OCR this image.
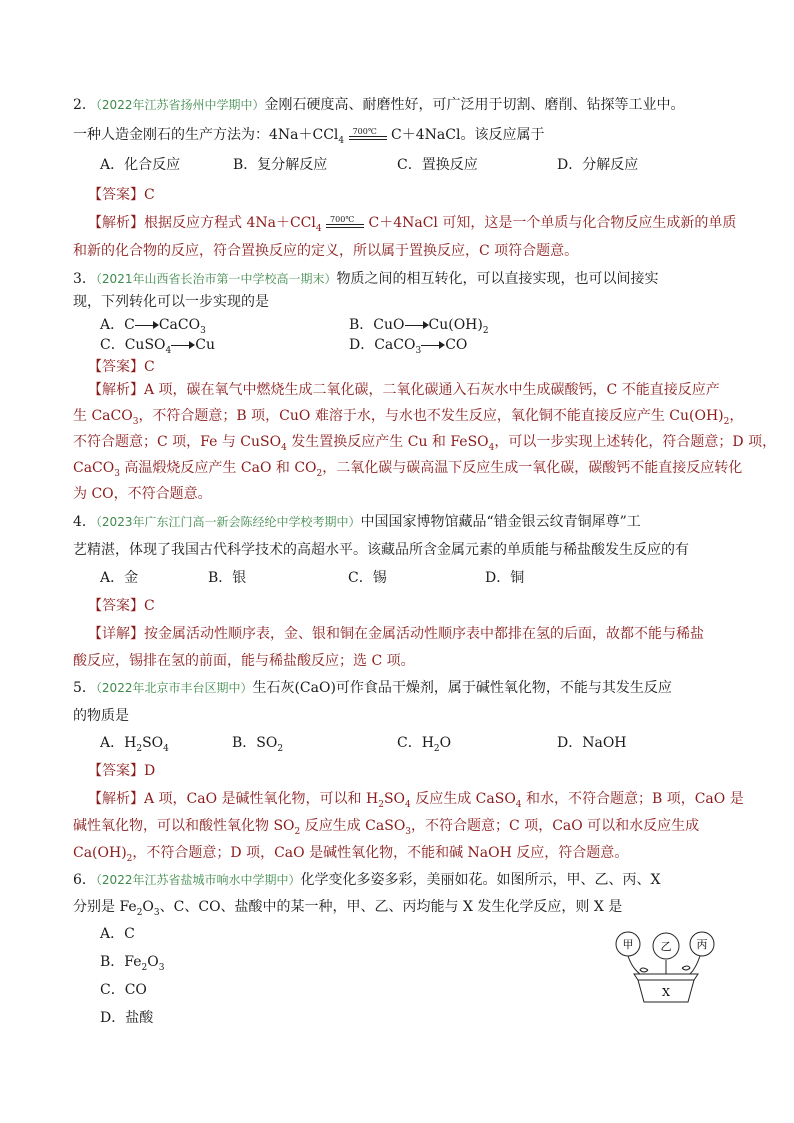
2．（2022年江苏省扬州中学期中）金刚石硬度高、耐磨性好，可广泛用于切割、磨削、钻探等工业中。
一种人造金刚石的生产方法为：4Na＋CCl$_4$
700℃ C＋4NaCl。该反应属于
A．化合反应	B．复分解反应	C．置换反应	D．分解反应
【答案】C
【解析】根据反应方程式 4Na＋CCl$_4$
700℃ C＋4NaCl 可知，这是一个单质与化合物反应生成新的单质
和新的化合物的反应，符合置换反应的定义，所以属于置换反应，C 项符合题意。
3．（2021年山西省长治市第一中学校高一期末）物质之间的相互转化，可以直接实现，也可以间接实
现，下列转化可以一步实现的是
A．C CaCO$_3$	B．CuO $Cu(OH)_2$
C．CuSO$_4$ Cu	D．CaCO$_3$ CO
【答案】C
【解析】A 项，碳在氧气中燃烧生成二氧化碳，二氧化碳通入石灰水中生成碳酸钙，C 不能直接反应产
生 CaCO$_3$，不符合题意；B 项，CuO 难溶于水，与水也不发生反应，氧化铜不能直接反应产生 $Cu(OH)_2$，
不符合题意；C 项，Fe 与 CuSO$_4$ 发生置换反应产生 Cu 和 FeSO$_4$，可以一步实现上述转化，符合题意；D 项，
CaCO$_3$ 高温煅烧反应产生 CaO 和 $CO_2$，二氧化碳与碳高温下反应生成一氧化碳，碳酸钙不能直接反应转化
为 CO，不符合题意。
4．（2023年广东江门高一新会陈经纶中学校考期中）中国国家博物馆藏品“错金银云纹青铜犀尊”工
艺精湛，体现了我国古代科学技术的高超水平。该藏品所含金属元素的单质能与稀盐酸发生反应的有
A．金	B．银	C．锡	D．铜
【答案】C
【详解】按金属活动性顺序表，金、银和铜在金属活动性顺序表中都排在氢的后面，故都不能与稀盐
酸反应，锡排在氢的前面，能与稀盐酸反应；选 C 项。
5．（2022年北京市丰台区期中）生石灰(CaO)可作食品干燥剂，属于碱性氧化物，不能与其发生反应
的物质是
A．$H_2SO_4$	B．$SO_2$	C．$H_2O$	D．NaOH
【答案】D
【解析】A 项，CaO 是碱性氧化物，可以和 $H_2SO_4$ 反应生成 CaSO$_4$ 和水，不符合题意；B 项，CaO 是
碱性氧化物，可以和酸性氧化物 $SO_2$ 反应生成 CaSO$_3$，不符合题意；C 项，CaO 可以和水反应生成
$Ca(OH)_2$，不符合题意；D 项，CaO 是碱性氧化物，不能和碱 NaOH 反应，符合题意。
6．（2022年江苏省盐城市响水中学期中）化学变化多姿多彩，美丽如花。如图所示，甲、乙、丙、X
分别是 $Fe_2O_3$、C、CO、盐酸中的某一种，甲、乙、丙均能与 X 发生化学反应，则 X 是
A．C
B．$Fe_2O_3$
C．CO
D．盐酸
甲 乙 丙
X
